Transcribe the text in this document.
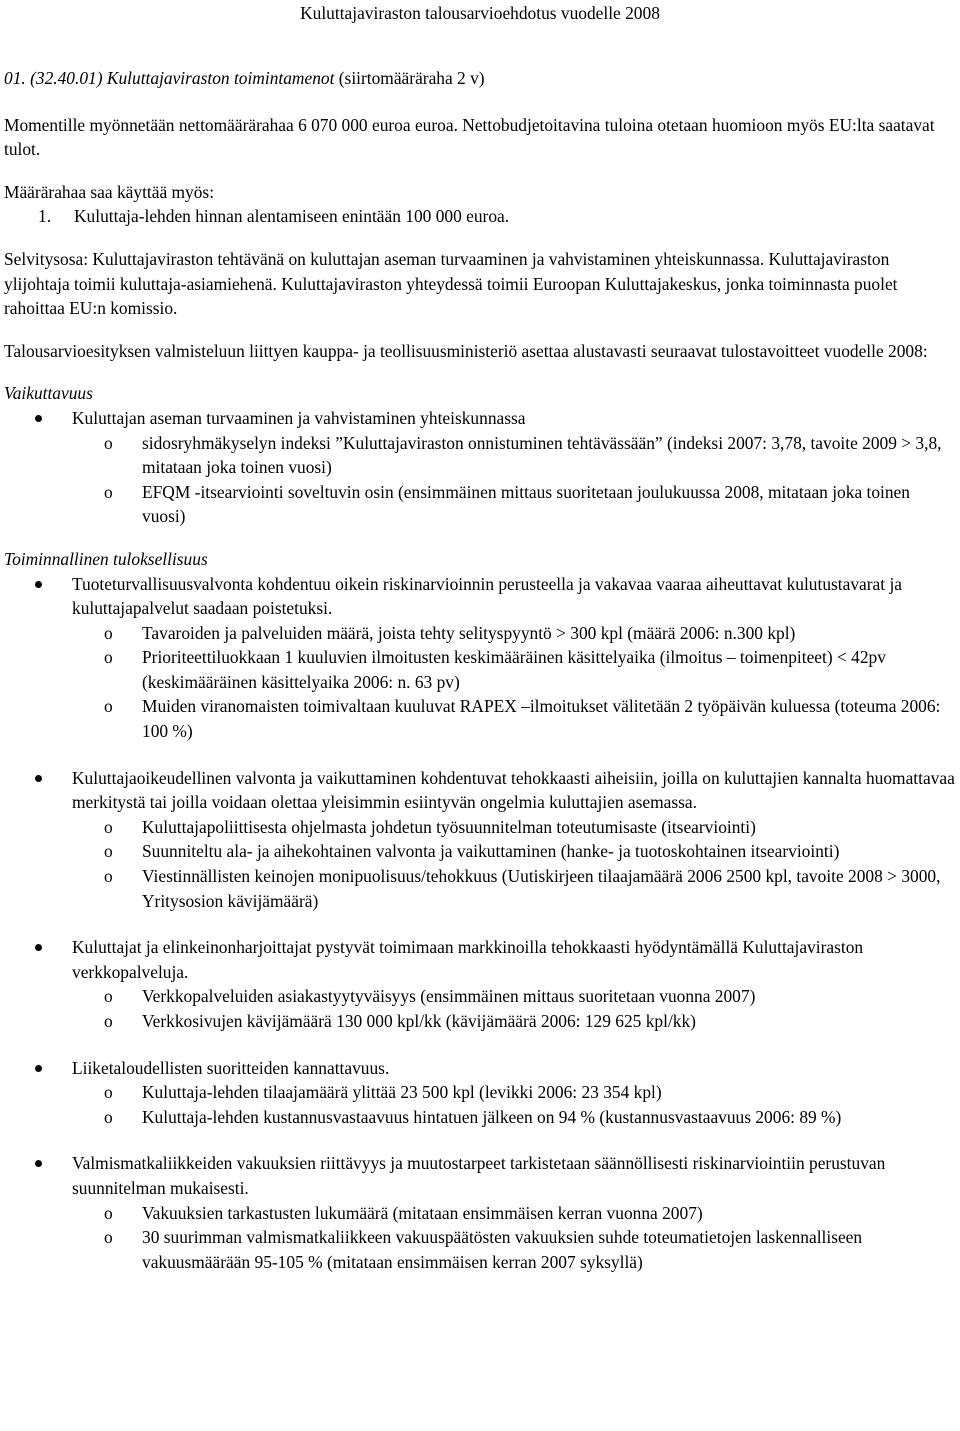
Kuluttajaviraston talousarvioehdotus vuodelle 2008

01. (32.40.01) Kuluttajaviraston toimintamenot (siirtomääräraha 2 v)

Momentille myönnetään nettomäärärahaa 6 070 000 euroa euroa. Nettobudjetoitavina tuloina otetaan huomioon myös EU:lta saatavat tulot.

Määrärahaa saa käyttää myös:

1. Kuluttaja-lehden hinnan alentamiseen enintään 100 000 euroa.

Selvitysosa: Kuluttajaviraston tehtävänä on kuluttajan aseman turvaaminen ja vahvistaminen yhteiskunnassa. Kuluttajaviraston ylijohtaja toimii kuluttaja-asiamiehenä. Kuluttajaviraston yhteydessä toimii Euroopan Kuluttajakeskus, jonka toiminnasta puolet rahoittaa EU:n komissio.

Talousarvioesityksen valmisteluun liittyen kauppa- ja teollisuusministeriö asettaa alustavasti seuraavat tulostavoitteet vuodelle 2008:

Vaikuttavuus

Kuluttajan aseman turvaaminen ja vahvistaminen yhteiskunnassa
o sidosryhmäkyselyn indeksi ”Kuluttajaviraston onnistuminen tehtävässään” (indeksi 2007: 3,78, tavoite 2009 > 3,8, mitataan joka toinen vuosi)
o EFQM -itsearviointi soveltuvin osin (ensimmäinen mittaus suoritetaan joulukuussa 2008, mitataan joka toinen vuosi)

Toiminnallinen tuloksellisuus

Tuoteturvallisuusvalvonta kohdentuu oikein riskinarvioinnin perusteella ja vakavaa vaaraa aiheuttavat kulutustavarat ja kuluttajapalvelut saadaan poistetuksi.
o Tavaroiden ja palveluiden määrä, joista tehty selityspyyntö > 300 kpl (määrä 2006: n.300 kpl)
o Prioriteettiluokkaan 1 kuuluvien ilmoitusten keskimääräinen käsittelyaika (ilmoitus – toimenpiteet) < 42pv (keskimääräinen käsittelyaika 2006: n. 63 pv)
o Muiden viranomaisten toimivaltaan kuuluvat RAPEX –ilmoitukset välitetään 2 työpäivän kuluessa (toteuma 2006: 100 %)
Kuluttajaoikeudellinen valvonta ja vaikuttaminen kohdentuvat tehokkaasti aiheisiin, joilla on kuluttajien kannalta huomattavaa merkitystä tai joilla voidaan olettaa yleisimmin esiintyvän ongelmia kuluttajien asemassa.
o Kuluttajapoliittisesta ohjelmasta johdetun työsuunnitelman toteutumisaste (itsearviointi)
o Suunniteltu ala- ja aihekohtainen valvonta ja vaikuttaminen (hanke- ja tuotoskohtainen itsearviointi)
o Viestinnällisten keinojen monipuolisuus/tehokkuus (Uutiskirjeen tilaajamäärä 2006 2500 kpl, tavoite 2008 > 3000, Yritysosion kävijämäärä)
Kuluttajat ja elinkeinonharjoittajat pystyvät toimimaan markkinoilla tehokkaasti hyödyntämällä Kuluttajaviraston verkkopalveluja.
o Verkkopalveluiden asiakastyytyväisyys (ensimmäinen mittaus suoritetaan vuonna 2007)
o Verkkosivujen kävijämäärä 130 000 kpl/kk (kävijämäärä 2006: 129 625 kpl/kk)
Liiketaloudellisten suoritteiden kannattavuus.
o Kuluttaja-lehden tilaajamäärä ylittää 23 500 kpl (levikki 2006: 23 354 kpl)
o Kuluttaja-lehden kustannusvastaavuus hintatuen jälkeen on 94 % (kustannusvastaavuus 2006: 89 %)
Valmismatkaliikkeiden vakuuksien riittävyys ja muutostarpeet tarkistetaan säännöllisesti riskinarviointiin perustuvan suunnitelman mukaisesti.
o Vakuuksien tarkastusten lukumäärä (mitataan ensimmäisen kerran vuonna 2007)
o 30 suurimman valmismatkaliikkeen vakuuspäätösten vakuuksien suhde toteumatietojen laskennalliseen vakuusmäärään 95-105 % (mitataan ensimmäisen kerran 2007 syksyllä)
